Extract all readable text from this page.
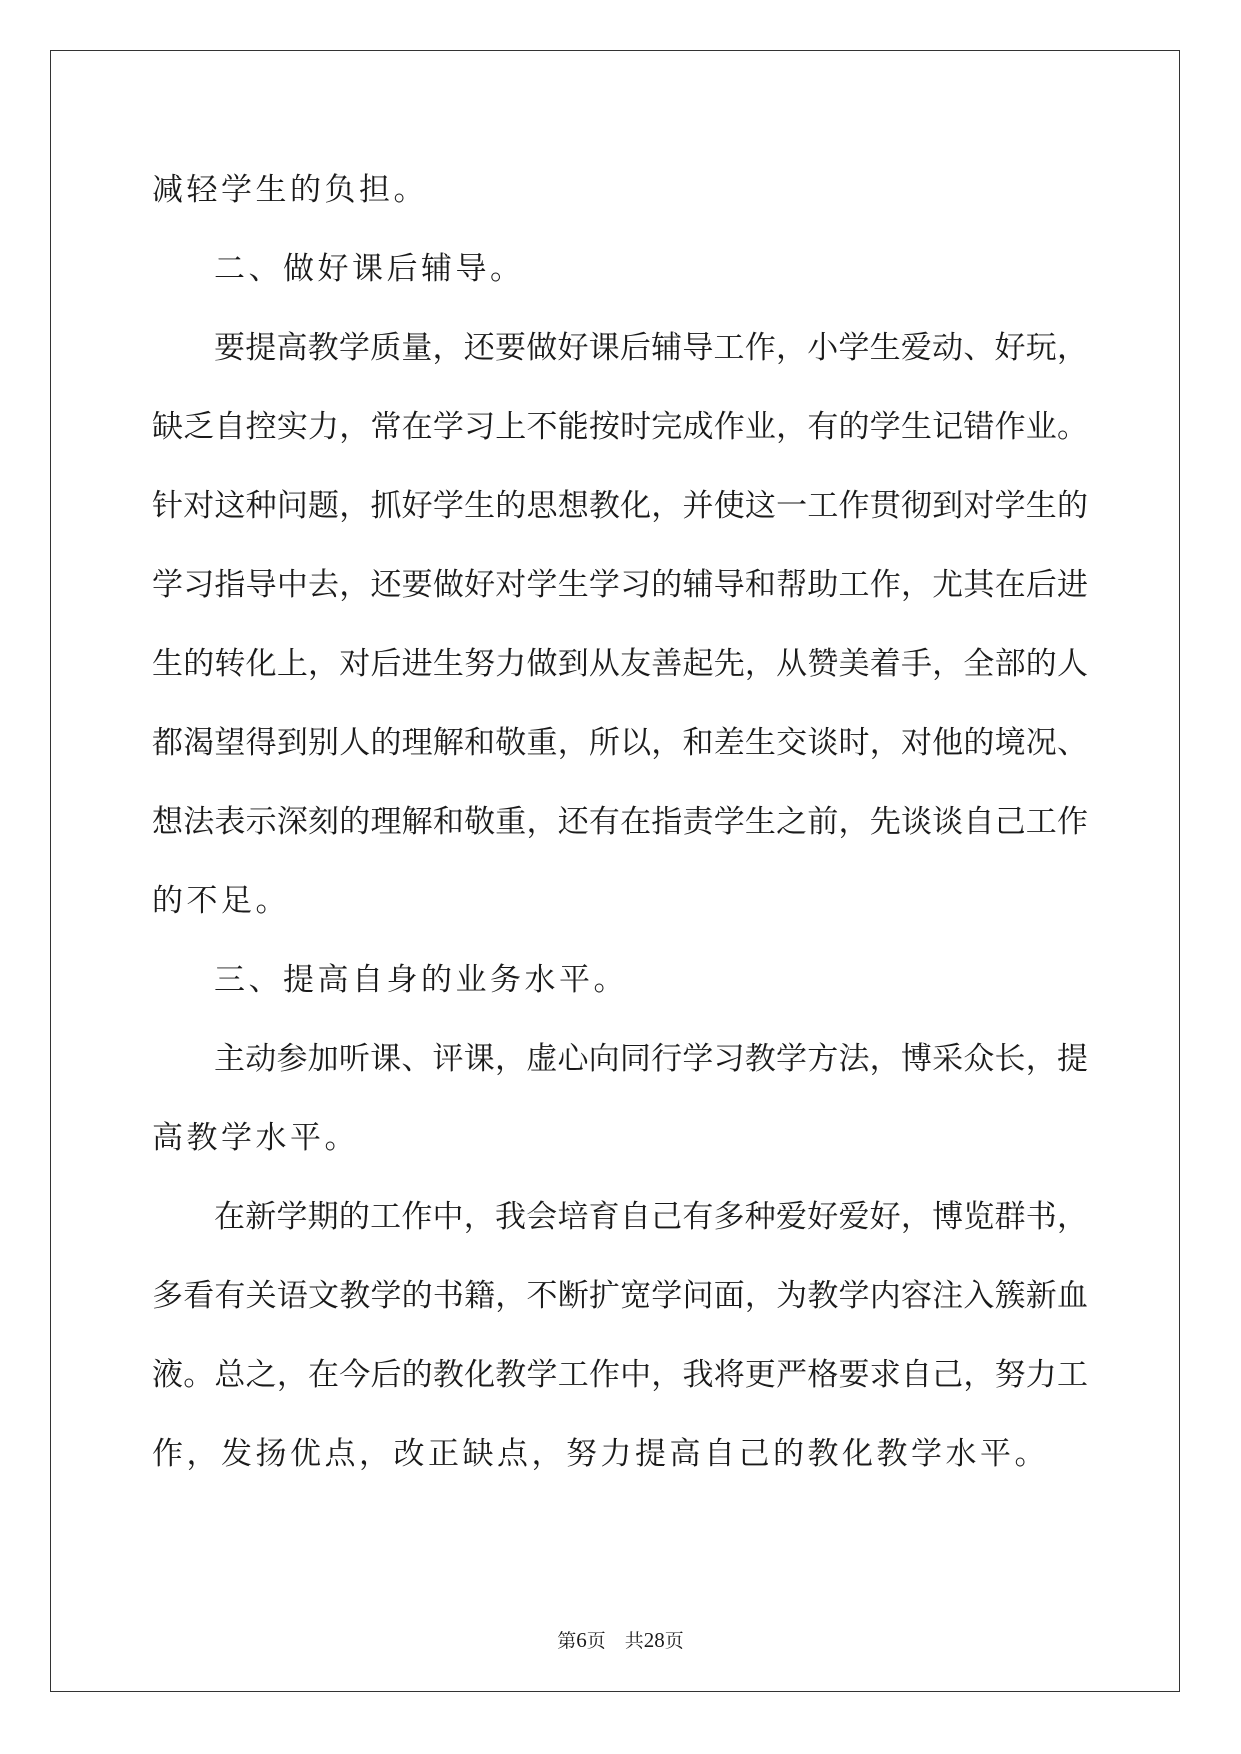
减轻学生的负担。
二、做好课后辅导。
要提高教学质量，还要做好课后辅导工作，小学生爱动、好玩，
缺乏自控实力，常在学习上不能按时完成作业，有的学生记错作业。
针对这种问题，抓好学生的思想教化，并使这一工作贯彻到对学生的
学习指导中去，还要做好对学生学习的辅导和帮助工作，尤其在后进
生的转化上，对后进生努力做到从友善起先，从赞美着手，全部的人
都渴望得到别人的理解和敬重，所以，和差生交谈时，对他的境况、
想法表示深刻的理解和敬重，还有在指责学生之前，先谈谈自己工作
的不足。
三、提高自身的业务水平。
主动参加听课、评课，虚心向同行学习教学方法，博采众长，提
高教学水平。
在新学期的工作中，我会培育自己有多种爱好爱好，博览群书，
多看有关语文教学的书籍，不断扩宽学问面，为教学内容注入簇新血
液。总之，在今后的教化教学工作中，我将更严格要求自己，努力工
作，发扬优点，改正缺点，努力提高自己的教化教学水平。
第6页  共28页
